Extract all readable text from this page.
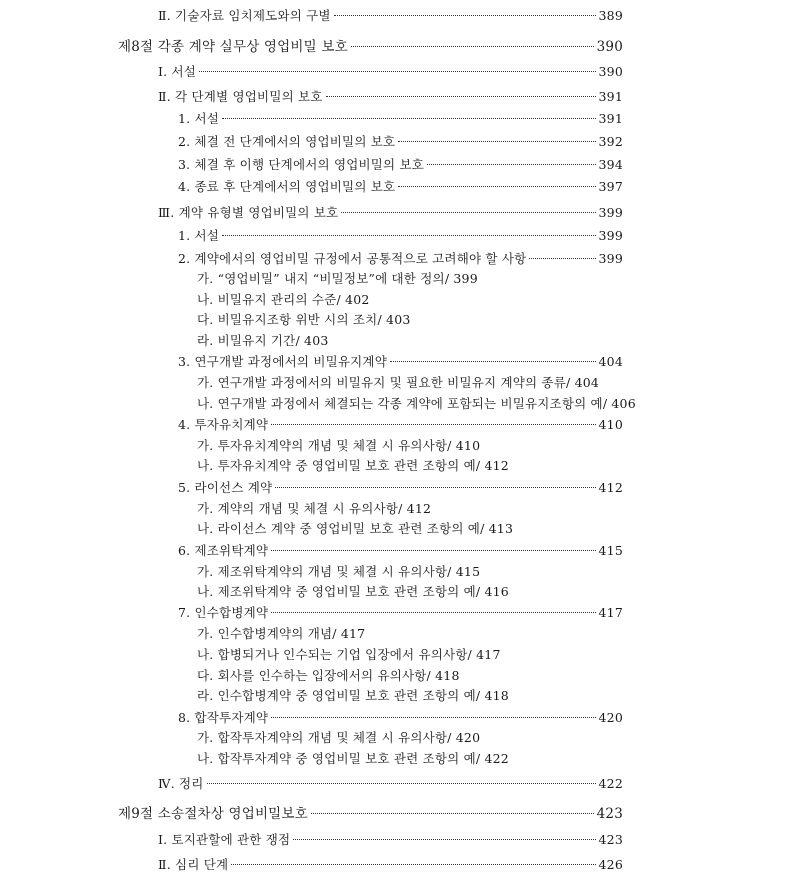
Ⅱ. 기술자료 임치제도와의 구별	389
제8절 각종 계약 실무상 영업비밀 보호	390
Ⅰ. 서설	390
Ⅱ. 각 단계별 영업비밀의 보호	391
1. 서설	391
2. 체결 전 단계에서의 영업비밀의 보호	392
3. 체결 후 이행 단계에서의 영업비밀의 보호	394
4. 종료 후 단계에서의 영업비밀의 보호	397
Ⅲ. 계약 유형별 영업비밀의 보호	399
1. 서설	399
2. 계약에서의 영업비밀 규정에서 공통적으로 고려해야 할 사항	399
가. “영업비밀” 내지 “비밀정보”에 대한 정의 / 399
나. 비밀유지 관리의 수준 / 402
다. 비밀유지조항 위반 시의 조치 / 403
라. 비밀유지 기간 / 403
3. 연구개발 과정에서의 비밀유지계약	404
가. 연구개발 과정에서의 비밀유지 및 필요한 비밀유지 계약의 종류 / 404
나. 연구개발 과정에서 체결되는 각종 계약에 포함되는 비밀유지조항의 예 / 406
4. 투자유치계약	410
가. 투자유치계약의 개념 및 체결 시 유의사항 / 410
나. 투자유치계약 중 영업비밀 보호 관련 조항의 예 / 412
5. 라이선스 계약	412
가. 계약의 개념 및 체결 시 유의사항 / 412
나. 라이선스 계약 중 영업비밀 보호 관련 조항의 예 / 413
6. 제조위탁계약	415
가. 제조위탁계약의 개념 및 체결 시 유의사항 / 415
나. 제조위탁계약 중 영업비밀 보호 관련 조항의 예 / 416
7. 인수합병계약	417
가. 인수합병계약의 개념 / 417
나. 합병되거나 인수되는 기업 입장에서 유의사항 / 417
다. 회사를 인수하는 입장에서의 유의사항 / 418
라. 인수합병계약 중 영업비밀 보호 관련 조항의 예 / 418
8. 합작투자계약	420
가. 합작투자계약의 개념 및 체결 시 유의사항 / 420
나. 합작투자계약 중 영업비밀 보호 관련 조항의 예 / 422
Ⅳ. 정리	422
제9절 소송절차상 영업비밀보호	423
Ⅰ. 토지관할에 관한 쟁점	423
Ⅱ. 심리 단계	426
